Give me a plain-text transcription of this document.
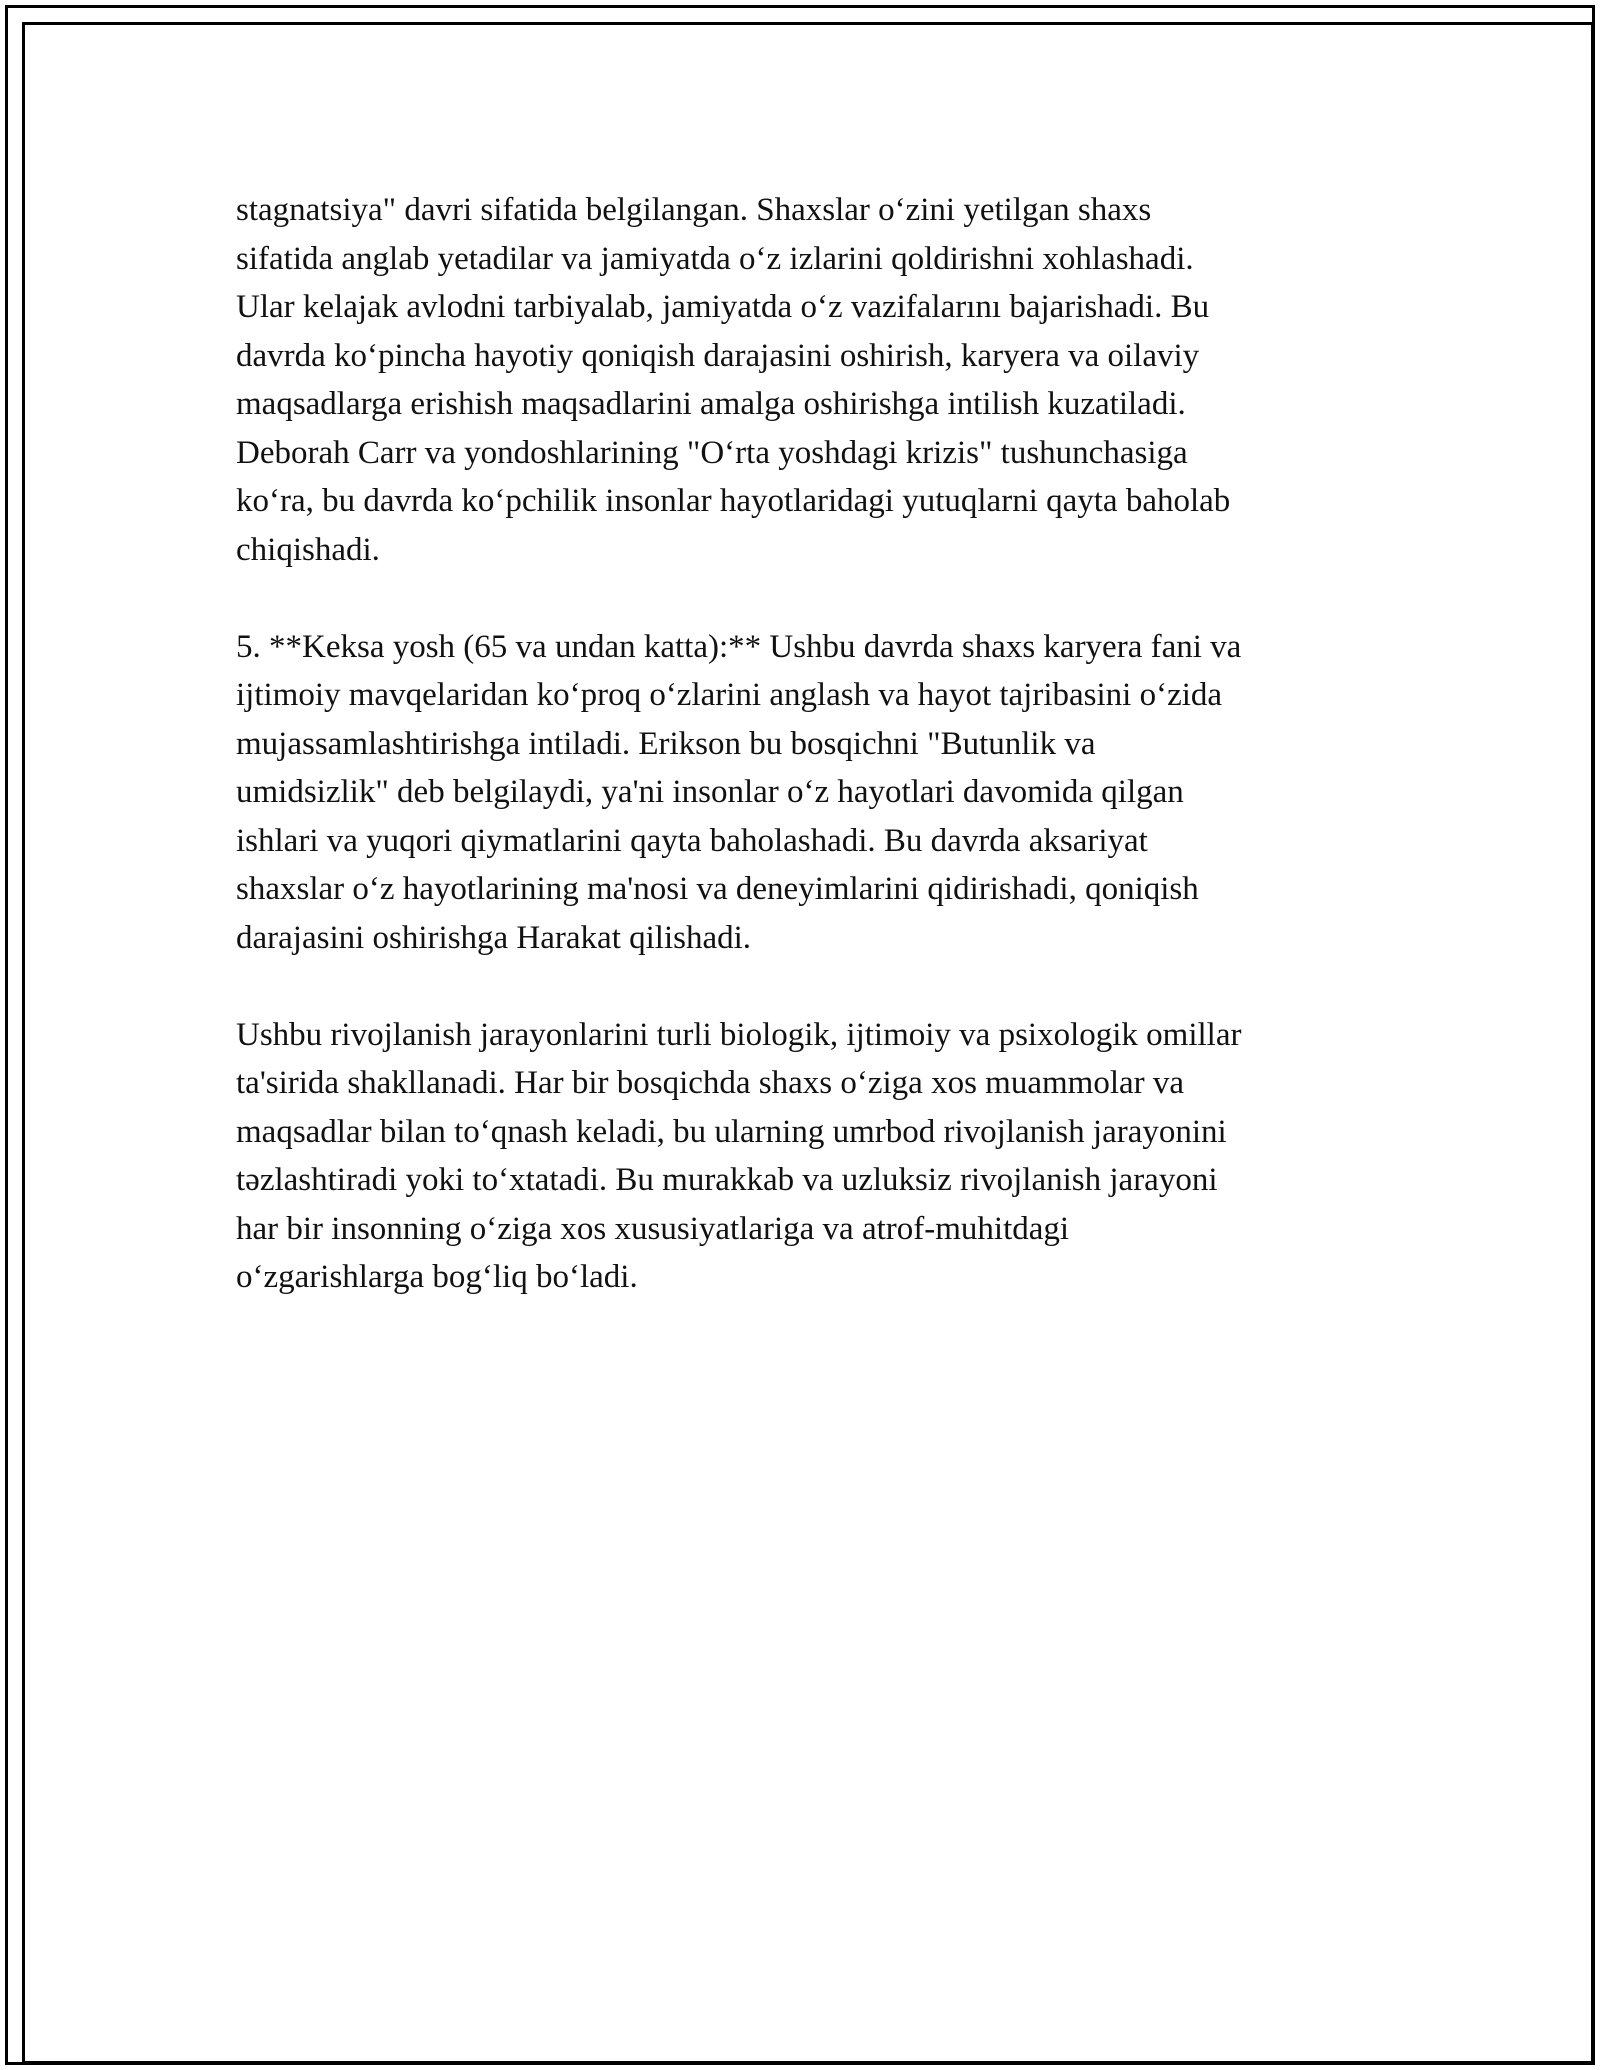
stagnatsiya" davri sifatida belgilangan. Shaxslar o‘zini yetilgan shaxs
sifatida anglab yetadilar va jamiyatda o‘z izlarini qoldirishni xohlashadi.
Ular kelajak avlodni tarbiyalab, jamiyatda o‘z vazifalarını bajarishadi. Bu
davrda ko‘pincha hayotiy qoniqish darajasini oshirish, karyera va oilaviy
maqsadlarga erishish maqsadlarini amalga oshirishga intilish kuzatiladi.
Deborah Carr va yondoshlarining "O‘rta yoshdagi krizis" tushunchasiga
ko‘ra, bu davrda ko‘pchilik insonlar hayotlaridagi yutuqlarni qayta baholab
chiqishadi.

5. **Keksa yosh (65 va undan katta):** Ushbu davrda shaxs karyera fani va
ijtimoiy mavqelaridan ko‘proq o‘zlarini anglash va hayot tajribasini o‘zida
mujassamlashtirishga intiladi. Erikson bu bosqichni "Butunlik va
umidsizlik" deb belgilaydi, ya'ni insonlar o‘z hayotlari davomida qilgan
ishlari va yuqori qiymatlarini qayta baholashadi. Bu davrda aksariyat
shaxslar o‘z hayotlarining ma'nosi va deneyimlarini qidirishadi, qoniqish
darajasini oshirishga Harakat qilishadi.

Ushbu rivojlanish jarayonlarini turli biologik, ijtimoiy va psixologik omillar
ta'sirida shakllanadi. Har bir bosqichda shaxs o‘ziga xos muammolar va
maqsadlar bilan to‘qnash keladi, bu ularning umrbod rivojlanish jarayonini
təzlashtiradi yoki to‘xtatadi. Bu murakkab va uzluksiz rivojlanish jarayoni
har bir insonning o‘ziga xos xususiyatlariga va atrof-muhitdagi
o‘zgarishlarga bog‘liq bo‘ladi.
